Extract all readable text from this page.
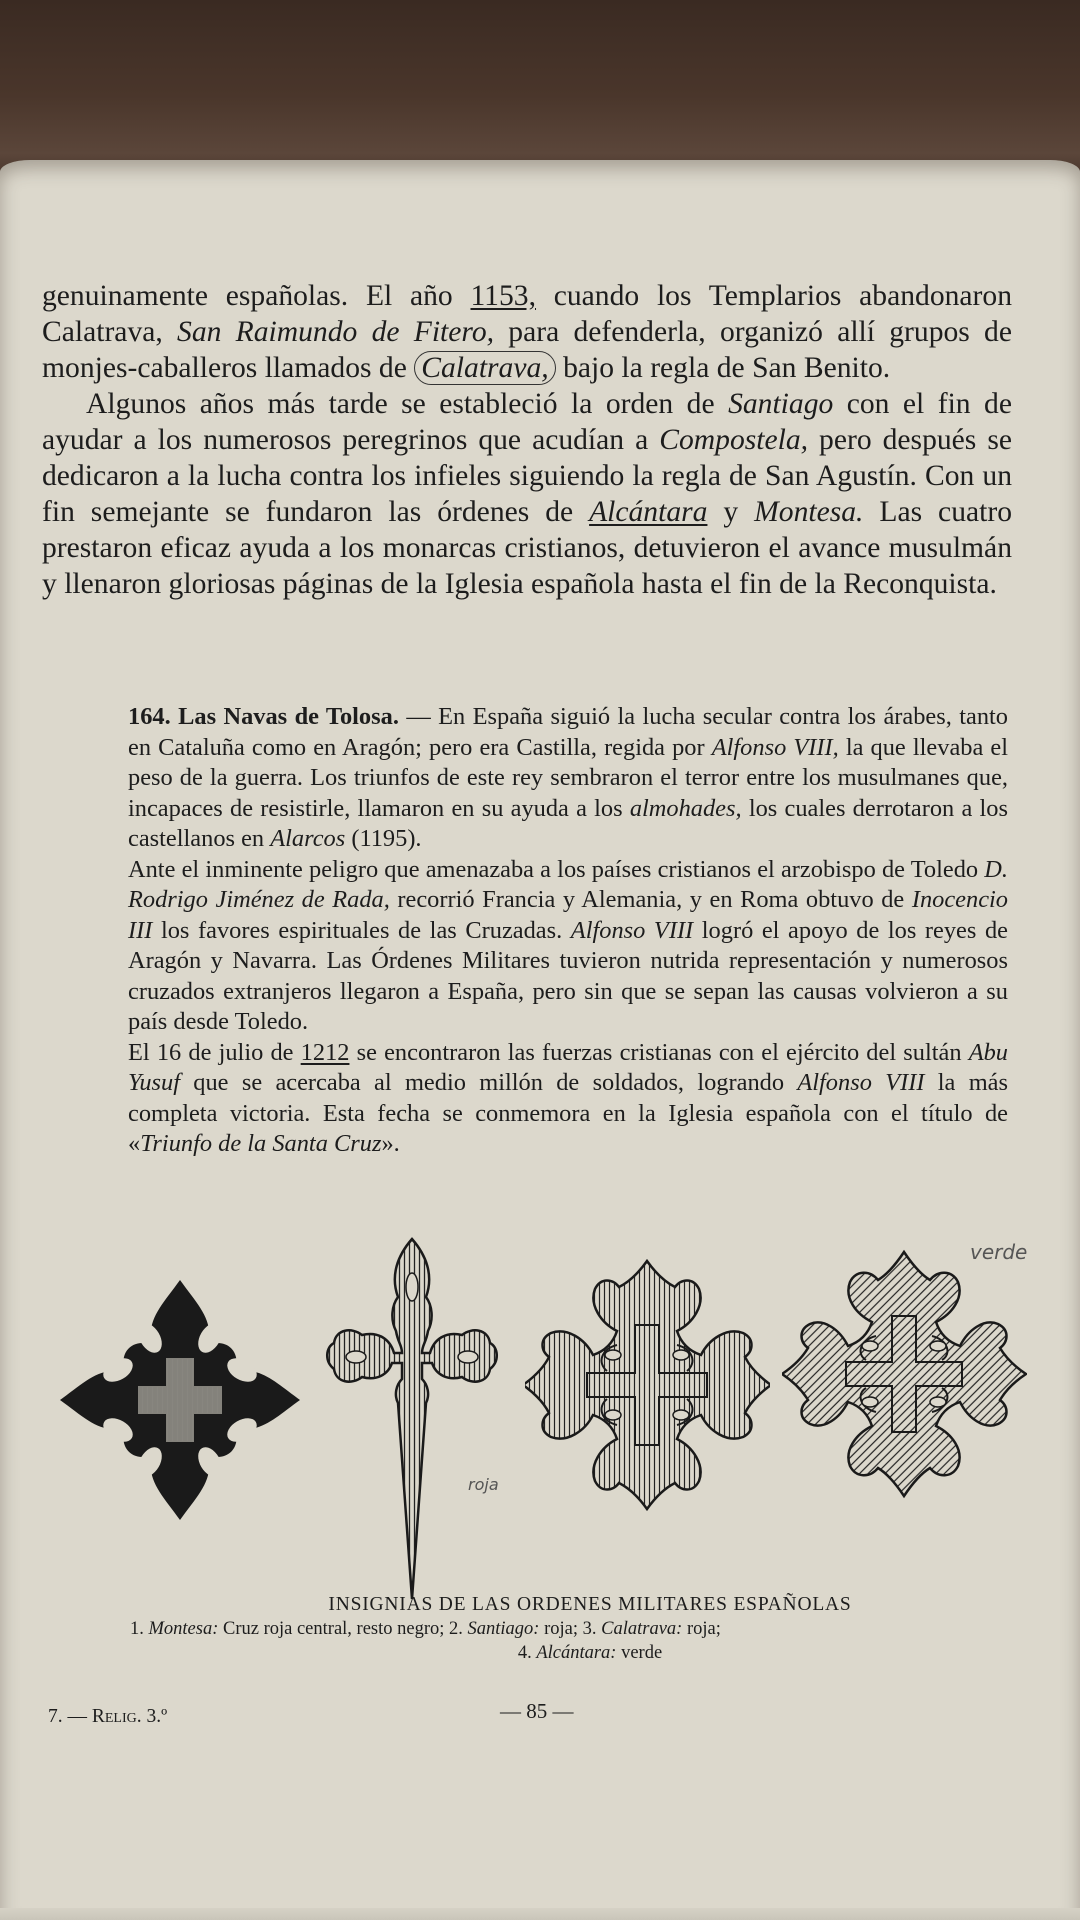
genuinamente españolas. El año 1153, cuando los Templarios abandonaron Calatrava, San Raimundo de Fitero, para defenderla, organizó allí grupos de monjes-caballeros llamados de Calatrava, bajo la regla de San Benito.

Algunos años más tarde se estableció la orden de Santiago con el fin de ayudar a los numerosos peregrinos que acudían a Compostela, pero después se dedicaron a la lucha contra los infieles siguiendo la regla de San Agustín. Con un fin semejante se fundaron las órdenes de Alcántara y Montesa. Las cuatro prestaron eficaz ayuda a los monarcas cristianos, detuvieron el avance musulmán y llenaron gloriosas páginas de la Iglesia española hasta el fin de la Reconquista.

164. Las Navas de Tolosa. — En España siguió la lucha secular contra los árabes, tanto en Cataluña como en Aragón; pero era Castilla, regida por Alfonso VIII, la que llevaba el peso de la guerra. Los triunfos de este rey sembraron el terror entre los musulmanes que, incapaces de resistirle, llamaron en su ayuda a los almohades, los cuales derrotaron a los castellanos en Alarcos (1195).

Ante el inminente peligro que amenazaba a los países cristianos el arzobispo de Toledo D. Rodrigo Jiménez de Rada, recorrió Francia y Alemania, y en Roma obtuvo de Inocencio III los favores espirituales de las Cruzadas. Alfonso VIII logró el apoyo de los reyes de Aragón y Navarra. Las Órdenes Militares tuvieron nutrida representación y numerosos cruzados extranjeros llegaron a España, pero sin que se sepan las causas volvieron a su país desde Toledo.

El 16 de julio de 1212 se encontraron las fuerzas cristianas con el ejército del sultán Abu Yusuf que se acercaba al medio millón de soldados, logrando Alfonso VIII la más completa victoria. Esta fecha se conmemora en la Iglesia española con el título de «Triunfo de la Santa Cruz».

roja
verde
INSIGNIAS DE LAS ORDENES MILITARES ESPAÑOLAS
1. Montesa: Cruz roja central, resto negro; 2. Santiago: roja; 3. Calatrava: roja;
4. Alcántara: verde
7. — Relig. 3.º	— 85 —
